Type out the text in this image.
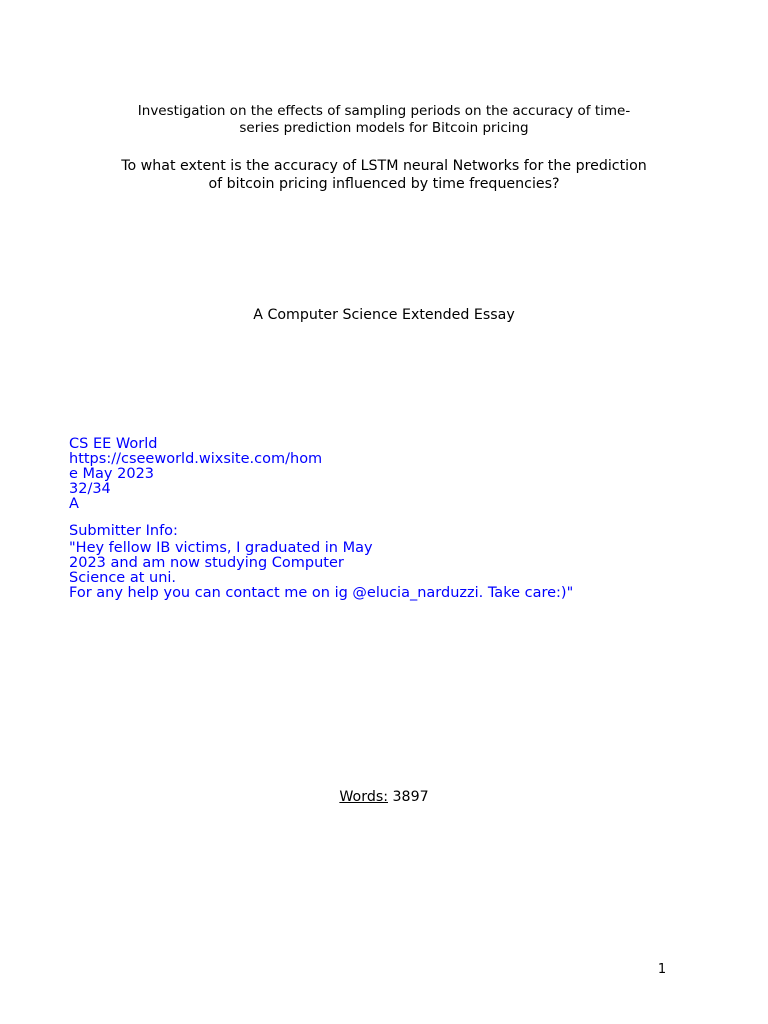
Investigation on the effects of sampling periods on the accuracy of time-
series prediction models for Bitcoin pricing
To what extent is the accuracy of LSTM neural Networks for the prediction
of bitcoin pricing influenced by time frequencies?
A Computer Science Extended Essay
CS EE World
https://cseeworld.wixsite.com/hom
e May 2023
32/34
A
Submitter Info:
"Hey fellow IB victims, I graduated in May
2023 and am now studying Computer
Science at uni.
For any help you can contact me on ig @elucia_narduzzi. Take care:)"
Words: 3897
1
